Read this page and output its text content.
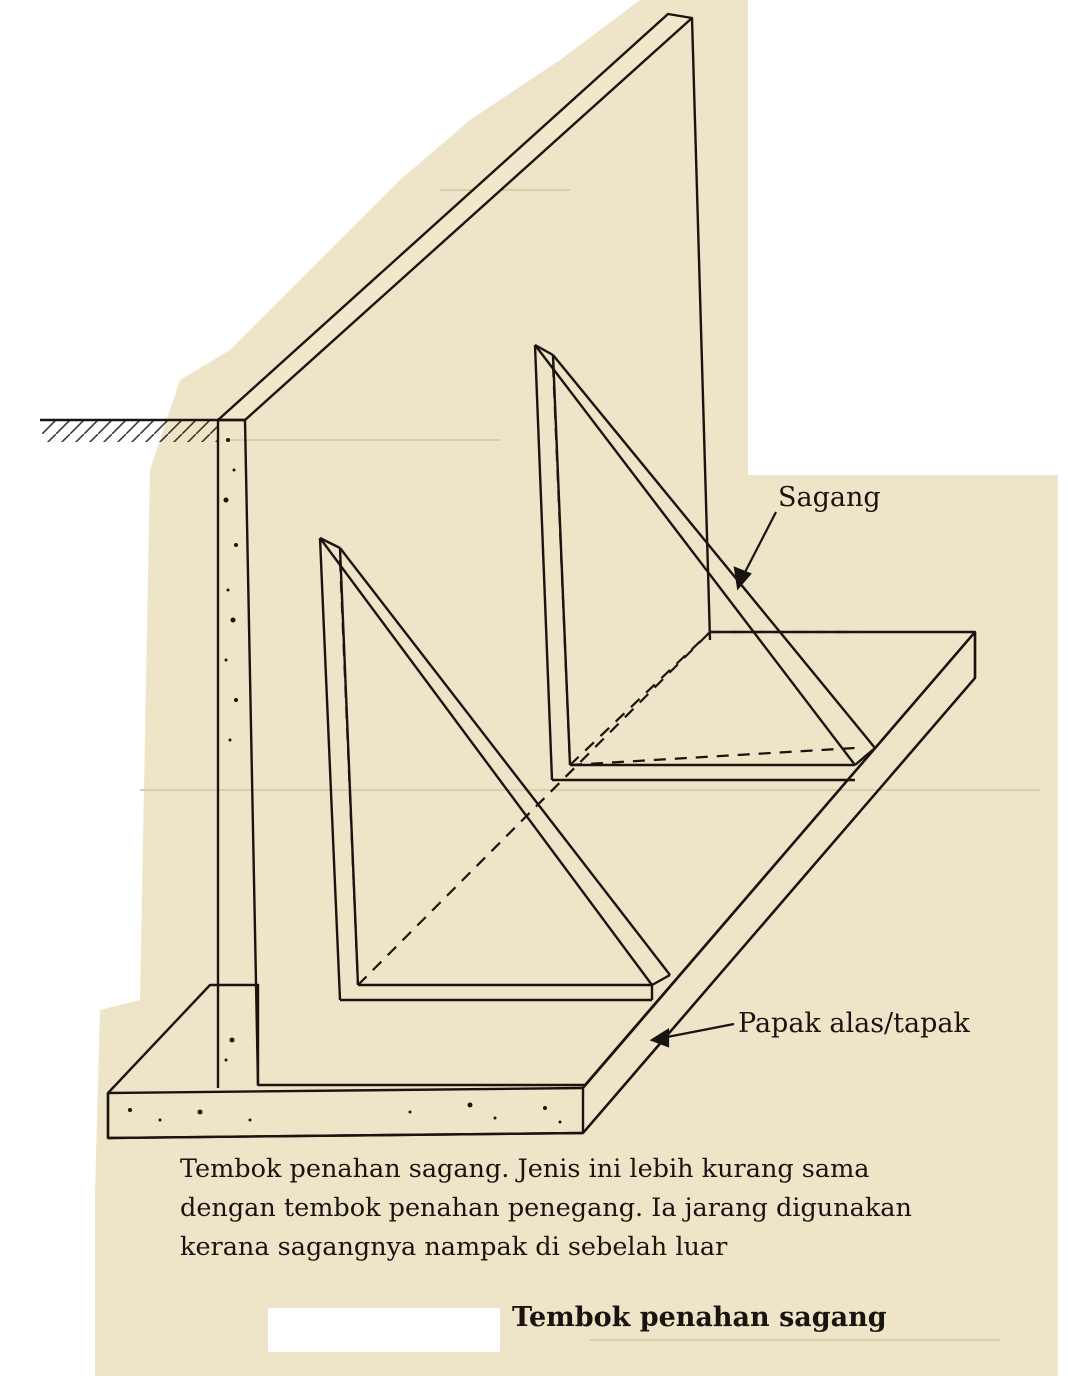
Sagang
Papak alas/tapak
Tembok penahan sagang. Jenis ini lebih kurang sama
dengan tembok penahan penegang. Ia jarang digunakan
kerana sagangnya nampak di sebelah luar
Tembok penahan sagang
